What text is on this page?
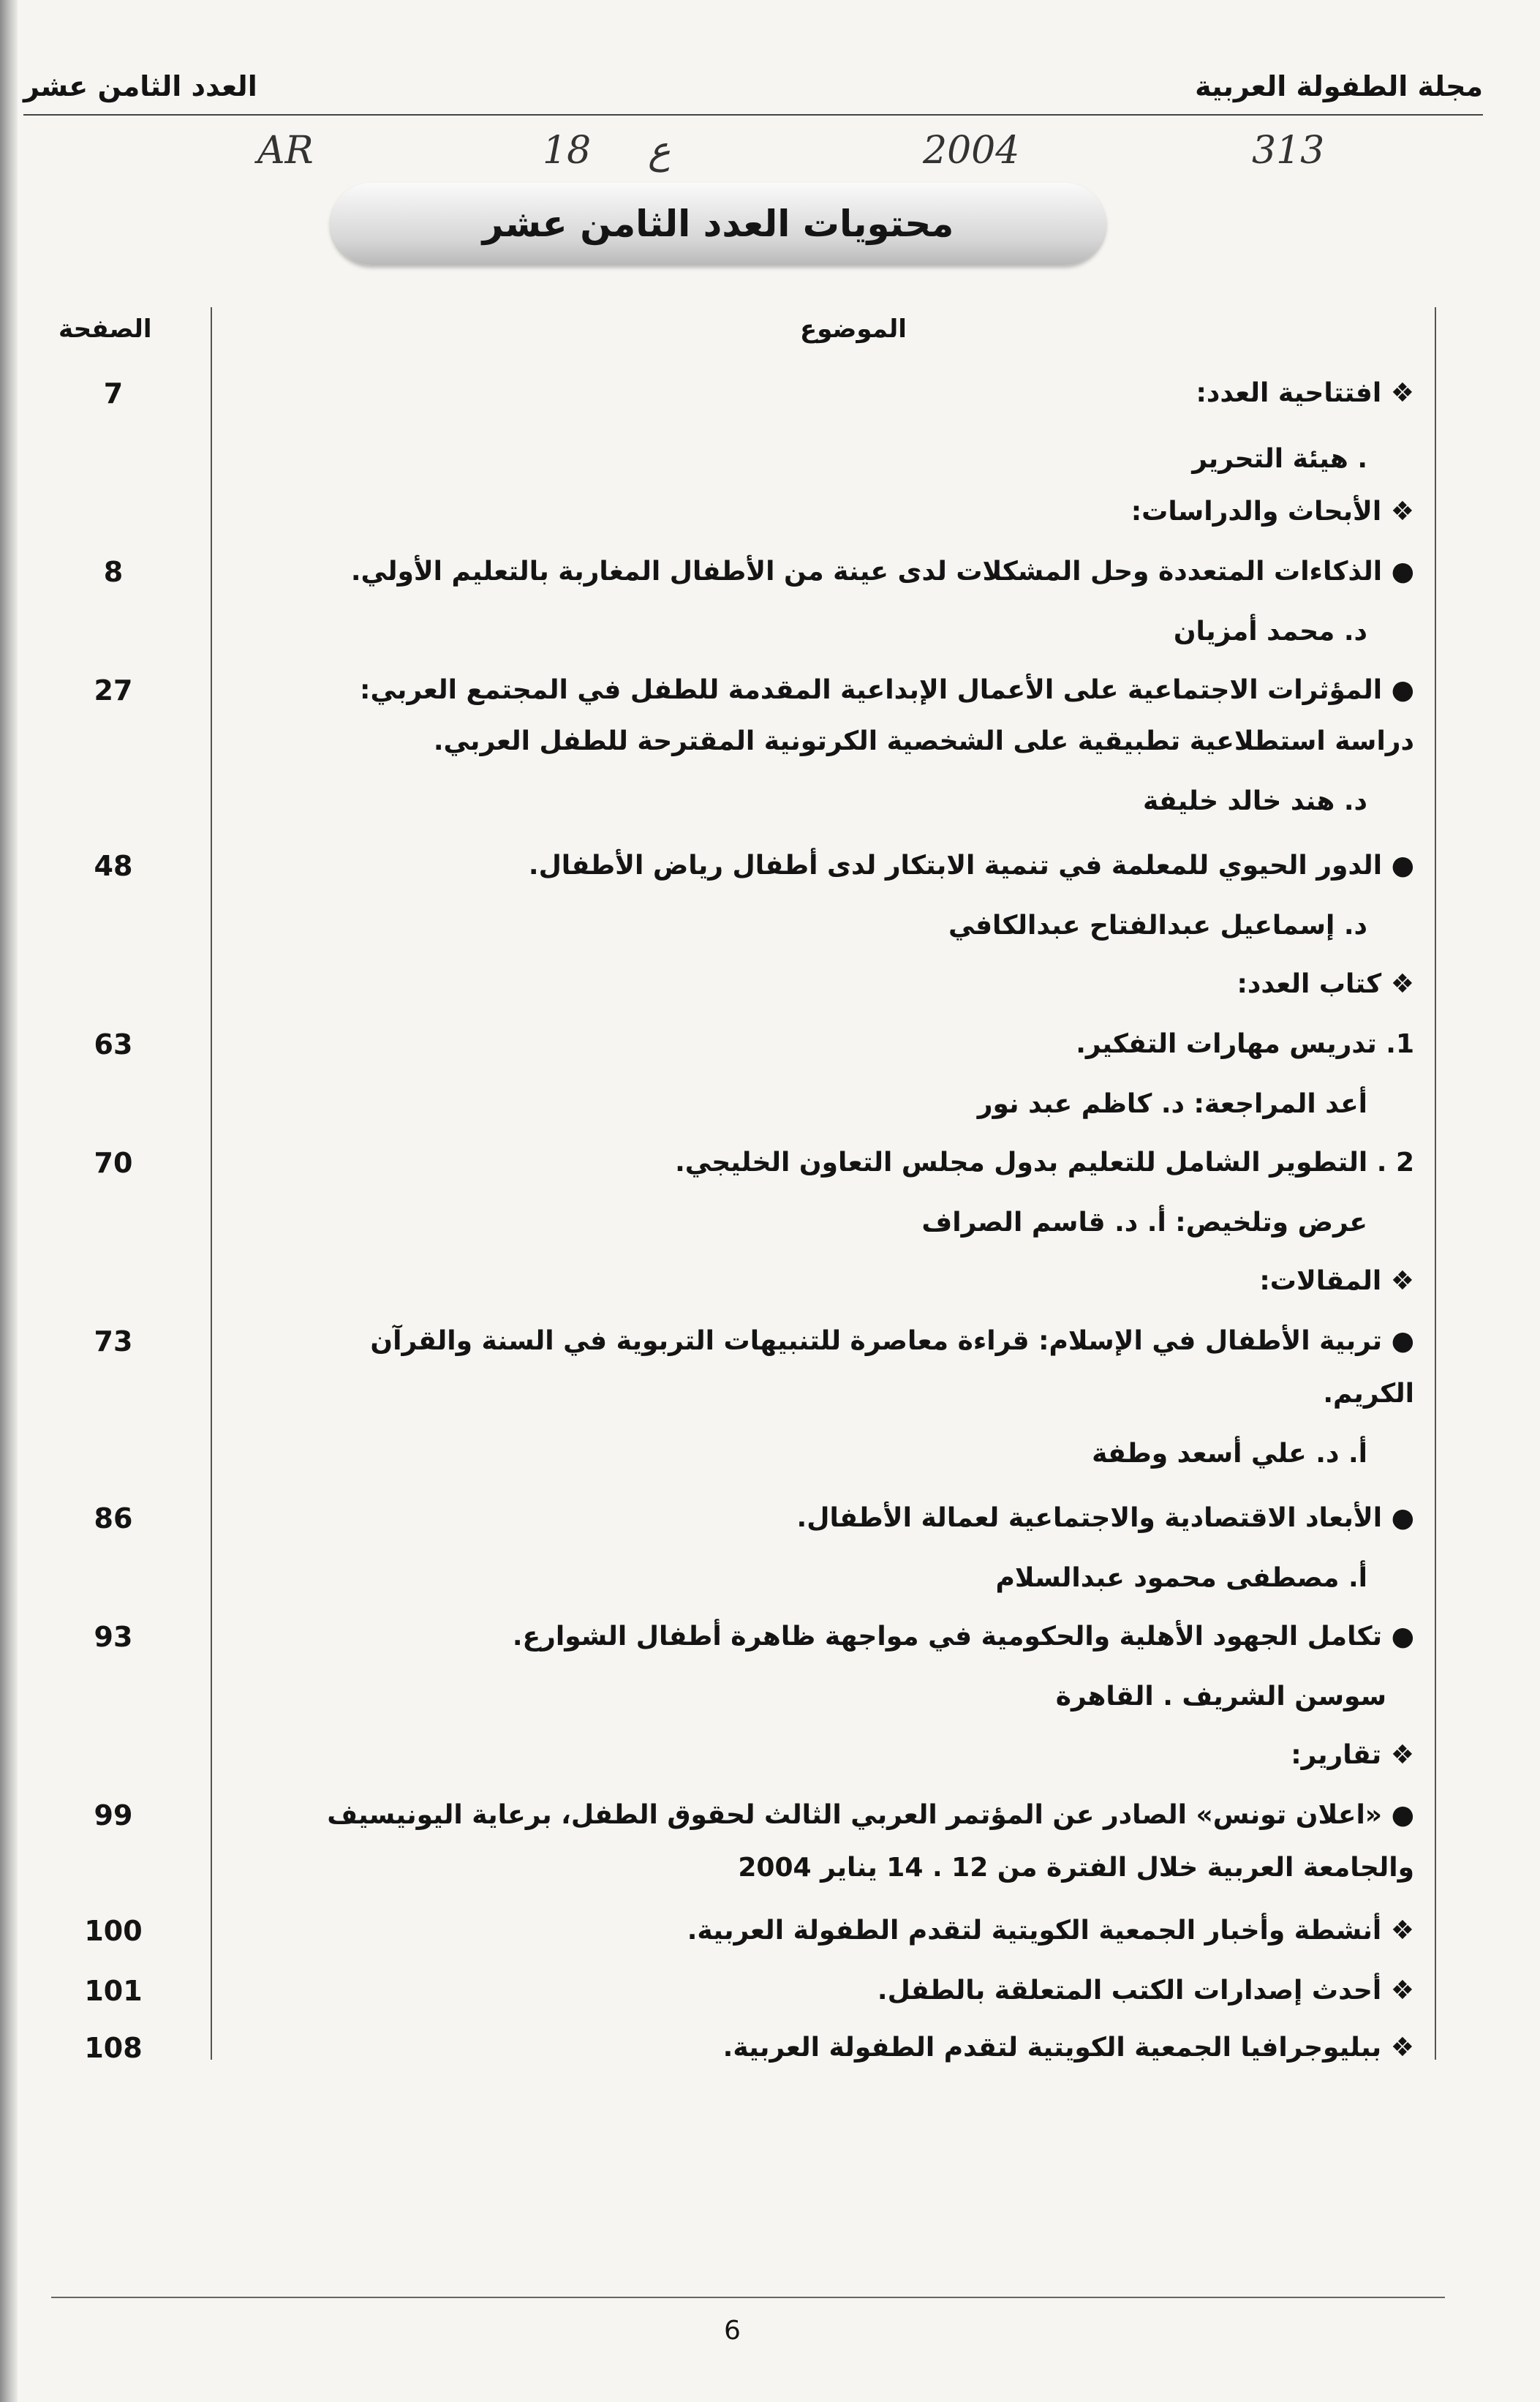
مجلة الطفولة العربية
العدد الثامن عشر
313
2004
ع
18
AR
محتويات العدد الثامن عشر
الموضوع
الصفحة
❖ افتتاحية العدد:
7
. هيئة التحرير
❖ الأبحاث والدراسات:
● الذكاءات المتعددة وحل المشكلات لدى عينة من الأطفال المغاربة بالتعليم الأولي.
8
د. محمد أمزيان
● المؤثرات الاجتماعية على الأعمال الإبداعية المقدمة للطفل في المجتمع العربي:
27
دراسة استطلاعية تطبيقية على الشخصية الكرتونية المقترحة للطفل العربي.
د. هند خالد خليفة
● الدور الحيوي للمعلمة في تنمية الابتكار لدى أطفال رياض الأطفال.
48
د. إسماعيل عبدالفتاح عبدالكافي
❖ كتاب العدد:
1. تدريس مهارات التفكير.
63
أعد المراجعة: د. كاظم عبد نور
2 . التطوير الشامل للتعليم بدول مجلس التعاون الخليجي.
70
عرض وتلخيص: أ. د. قاسم الصراف
❖ المقالات:
● تربية الأطفال في الإسلام: قراءة معاصرة للتنبيهات التربوية في السنة والقرآن
73
الكريم.
أ. د. علي أسعد وطفة
● الأبعاد الاقتصادية والاجتماعية لعمالة الأطفال.
86
أ. مصطفى محمود عبدالسلام
● تكامل الجهود الأهلية والحكومية في مواجهة ظاهرة أطفال الشوارع.
93
سوسن الشريف . القاهرة
❖ تقارير:
● «اعلان تونس» الصادر عن المؤتمر العربي الثالث لحقوق الطفل، برعاية اليونيسيف
99
والجامعة العربية خلال الفترة من 12 . 14 يناير 2004
❖ أنشطة وأخبار الجمعية الكويتية لتقدم الطفولة العربية.
100
❖ أحدث إصدارات الكتب المتعلقة بالطفل.
101
❖ ببليوجرافيا الجمعية الكويتية لتقدم الطفولة العربية.
108
6
